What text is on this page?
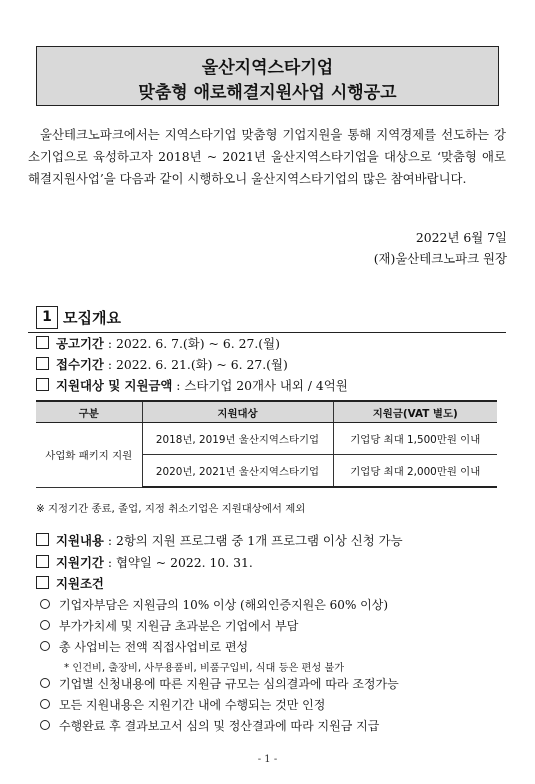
울산지역스타기업
맞춤형 애로해결지원사업 시행공고

울산테크노파크에서는 지역스타기업 맞춤형 기업지원을 통해 지역경제를 선도하는 강소기업으로 육성하고자 2018년 ~ 2021년 울산지역스타기업을 대상으로 ‘맞춤형 애로해결지원사업’을 다음과 같이 시행하오니 울산지역스타기업의 많은 참여바랍니다.

2022년 6월 7일
(재)울산테크노파크 원장
1 모집개요
공고기간 : 2022. 6. 7.(화) ~ 6. 27.(월)
접수기간 : 2022. 6. 21.(화) ~ 6. 27.(월)
지원대상 및 지원금액 : 스타기업 20개사 내외 / 4억원
구분	지원대상	지원금(VAT 별도)
사업화 패키지 지원	2018년, 2019년 울산지역스타기업	기업당 최대 1,500만원 이내
	2020년, 2021년 울산지역스타기업	기업당 최대 2,000만원 이내
※ 지정기간 종료, 졸업, 지정 취소기업은 지원대상에서 제외
지원내용 : 2항의 지원 프로그램 중 1개 프로그램 이상 신청 가능
지원기간 : 협약일 ~ 2022. 10. 31.
지원조건
기업자부담은 지원금의 10% 이상 (해외인증지원은 60% 이상)
부가가치세 및 지원금 초과분은 기업에서 부담
총 사업비는 전액 직접사업비로 편성
* 인건비, 출장비, 사무용품비, 비품구입비, 식대 등은 편성 불가
기업별 신청내용에 따른 지원금 규모는 심의결과에 따라 조정가능
모든 지원내용은 지원기간 내에 수행되는 것만 인정
수행완료 후 결과보고서 심의 및 정산결과에 따라 지원금 지급
- 1 -
